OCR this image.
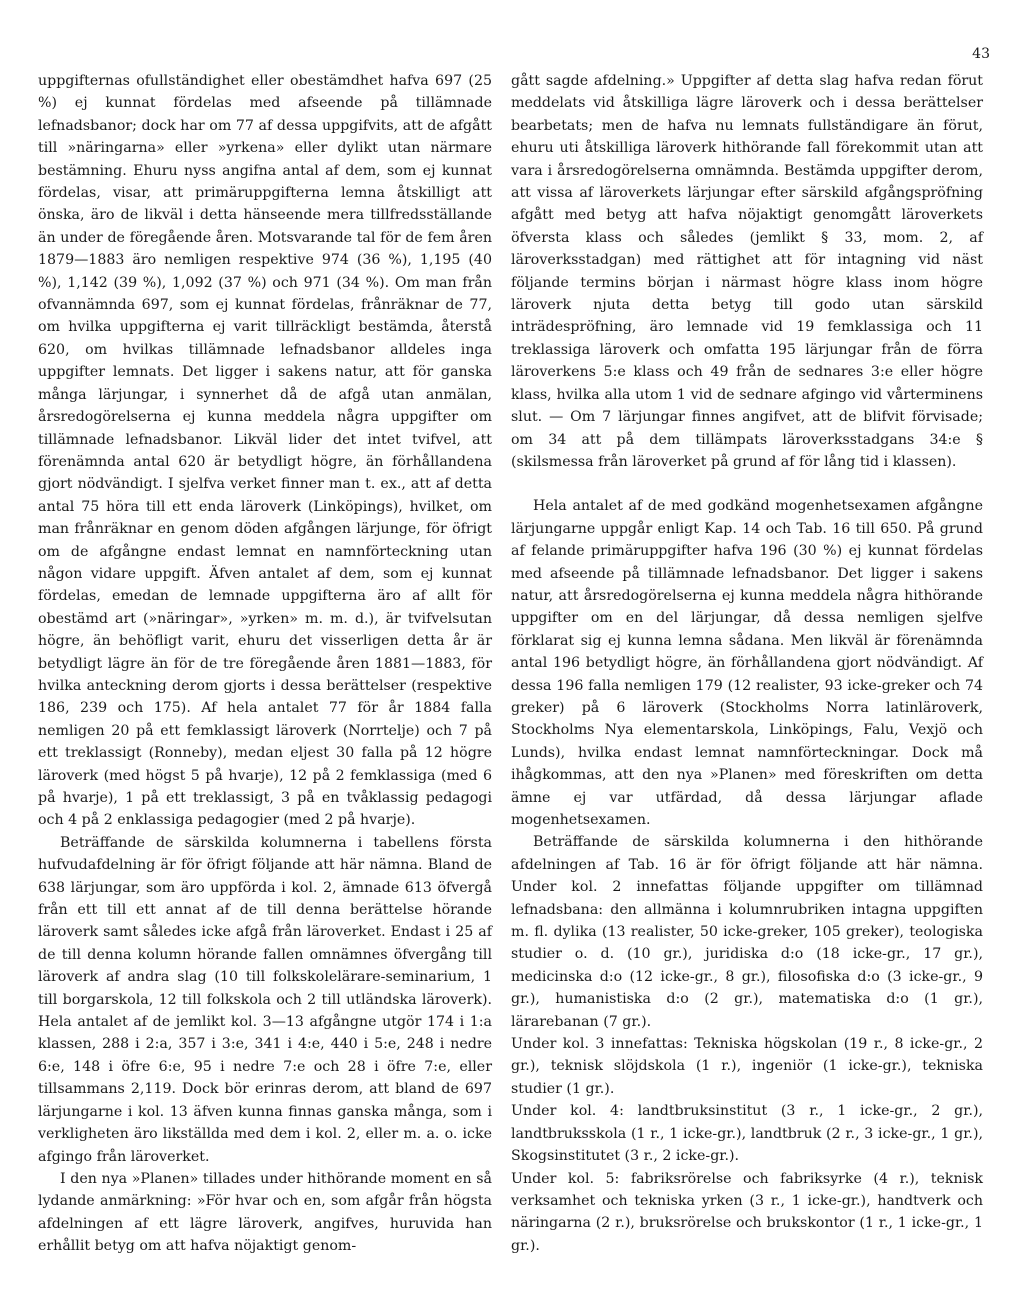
43

uppgifternas ofullständighet eller obestämdhet hafva 697 (25 %) ej kunnat fördelas med afseende på tillämnade lefnadsbanor; dock har om 77 af dessa uppgifvits, att de afgått till »näringarna» eller »yrkena» eller dylikt utan närmare bestämning. Ehuru nyss angifna antal af dem, som ej kunnat fördelas, visar, att primäruppgifterna lemna åtskilligt att önska, äro de likväl i detta hänseende mera tillfredsställande än under de föregående åren. Motsvarande tal för de fem åren 1879—1883 äro nemligen respektive 974 (36 %), 1,195 (40 %), 1,142 (39 %), 1,092 (37 %) och 971 (34 %). Om man från ofvannämnda 697, som ej kunnat fördelas, frånräknar de 77, om hvilka uppgifterna ej varit tillräckligt bestämda, återstå 620, om hvilkas tillämnade lefnadsbanor alldeles inga uppgifter lemnats. Det ligger i sakens natur, att för ganska många lärjungar, i synnerhet då de afgå utan anmälan, årsredogörelserna ej kunna meddela några uppgifter om tillämnade lefnadsbanor. Likväl lider det intet tvifvel, att förenämnda antal 620 är betydligt högre, än förhållandena gjort nödvändigt. I sjelfva verket finner man t. ex., att af detta antal 75 höra till ett enda läroverk (Linköpings), hvilket, om man frånräknar en genom döden afgången lärjunge, för öfrigt om de afgångne endast lemnat en namnförteckning utan någon vidare uppgift. Äfven antalet af dem, som ej kunnat fördelas, emedan de lemnade uppgifterna äro af allt för obestämd art (»näringar», »yrken» m. m. d.), är tvifvelsutan högre, än behöfligt varit, ehuru det visserligen detta år är betydligt lägre än för de tre föregående åren 1881—1883, för hvilka anteckning derom gjorts i dessa berättelser (respektive 186, 239 och 175). Af hela antalet 77 för år 1884 falla nemligen 20 på ett femklassigt läroverk (Norrtelje) och 7 på ett treklassigt (Ronneby), medan eljest 30 falla på 12 högre läroverk (med högst 5 på hvarje), 12 på 2 femklassiga (med 6 på hvarje), 1 på ett treklassigt, 3 på en tvåklassig pedagogi och 4 på 2 enklassiga pedagogier (med 2 på hvarje).

Beträffande de särskilda kolumnerna i tabellens första hufvudafdelning är för öfrigt följande att här nämna. Bland de 638 lärjungar, som äro uppförda i kol. 2, ämnade 613 öfvergå från ett till ett annat af de till denna berättelse hörande läroverk samt således icke afgå från läroverket. Endast i 25 af de till denna kolumn hörande fallen omnämnes öfvergång till läroverk af andra slag (10 till folkskolelärare-seminarium, 1 till borgarskola, 12 till folkskola och 2 till utländska läroverk). Hela antalet af de jemlikt kol. 3—13 afgångne utgör 174 i 1:a klassen, 288 i 2:a, 357 i 3:e, 341 i 4:e, 440 i 5:e, 248 i nedre 6:e, 148 i öfre 6:e, 95 i nedre 7:e och 28 i öfre 7:e, eller tillsammans 2,119. Dock bör erinras derom, att bland de 697 lärjungarne i kol. 13 äfven kunna finnas ganska många, som i verkligheten äro likställda med dem i kol. 2, eller m. a. o. icke afgingo från läroverket.

I den nya »Planen» tillades under hithörande moment en så lydande anmärkning: »För hvar och en, som afgår från högsta afdelningen af ett lägre läroverk, angifves, huruvida han erhållit betyg om att hafva nöjaktigt genom-

gått sagde afdelning.» Uppgifter af detta slag hafva redan förut meddelats vid åtskilliga lägre läroverk och i dessa berättelser bearbetats; men de hafva nu lemnats fullständigare än förut, ehuru uti åtskilliga läroverk hithörande fall förekommit utan att vara i årsredogörelserna omnämnda. Bestämda uppgifter derom, att vissa af läroverkets lärjungar efter särskild afgångspröfning afgått med betyg att hafva nöjaktigt genomgått läroverkets öfversta klass och således (jemlikt § 33, mom. 2, af läroverksstadgan) med rättighet att för intagning vid näst följande termins början i närmast högre klass inom högre läroverk njuta detta betyg till godo utan särskild inträdespröfning, äro lemnade vid 19 femklassiga och 11 treklassiga läroverk och omfatta 195 lärjungar från de förra läroverkens 5:e klass och 49 från de sednares 3:e eller högre klass, hvilka alla utom 1 vid de sednare afgingo vid vårterminens slut. — Om 7 lärjungar finnes angifvet, att de blifvit förvisade; om 34 att på dem tillämpats läroverksstadgans 34:e § (skilsmessa från läroverket på grund af för lång tid i klassen).

Hela antalet af de med godkänd mogenhetsexamen afgångne lärjungarne uppgår enligt Kap. 14 och Tab. 16 till 650. På grund af felande primäruppgifter hafva 196 (30 %) ej kunnat fördelas med afseende på tillämnade lefnadsbanor. Det ligger i sakens natur, att årsredogörelserna ej kunna meddela några hithörande uppgifter om en del lärjungar, då dessa nemligen sjelfve förklarat sig ej kunna lemna sådana. Men likväl är förenämnda antal 196 betydligt högre, än förhållandena gjort nödvändigt. Af dessa 196 falla nemligen 179 (12 realister, 93 icke-greker och 74 greker) på 6 läroverk (Stockholms Norra latinläroverk, Stockholms Nya elementarskola, Linköpings, Falu, Vexjö och Lunds), hvilka endast lemnat namnförteckningar. Dock må ihågkommas, att den nya »Planen» med föreskriften om detta ämne ej var utfärdad, då dessa lärjungar aflade mogenhetsexamen.

Beträffande de särskilda kolumnerna i den hithörande afdelningen af Tab. 16 är för öfrigt följande att här nämna. Under kol. 2 innefattas följande uppgifter om tillämnad lefnadsbana: den allmänna i kolumnrubriken intagna uppgiften m. fl. dylika (13 realister, 50 icke-greker, 105 greker), teologiska studier o. d. (10 gr.), juridiska d:o (18 icke-gr., 17 gr.), medicinska d:o (12 icke-gr., 8 gr.), filosofiska d:o (3 icke-gr., 9 gr.), humanistiska d:o (2 gr.), matematiska d:o (1 gr.), lärarebanan (7 gr.).

Under kol. 3 innefattas: Tekniska högskolan (19 r., 8 icke-gr., 2 gr.), teknisk slöjdskola (1 r.), ingeniör (1 icke-gr.), tekniska studier (1 gr.).

Under kol. 4: landtbruksinstitut (3 r., 1 icke-gr., 2 gr.), landtbruksskola (1 r., 1 icke-gr.), landtbruk (2 r., 3 icke-gr., 1 gr.), Skogsinstitutet (3 r., 2 icke-gr.).

Under kol. 5: fabriksrörelse och fabriksyrke (4 r.), teknisk verksamhet och tekniska yrken (3 r., 1 icke-gr.), handtverk och näringarna (2 r.), bruksrörelse och brukskontor (1 r., 1 icke-gr., 1 gr.).
